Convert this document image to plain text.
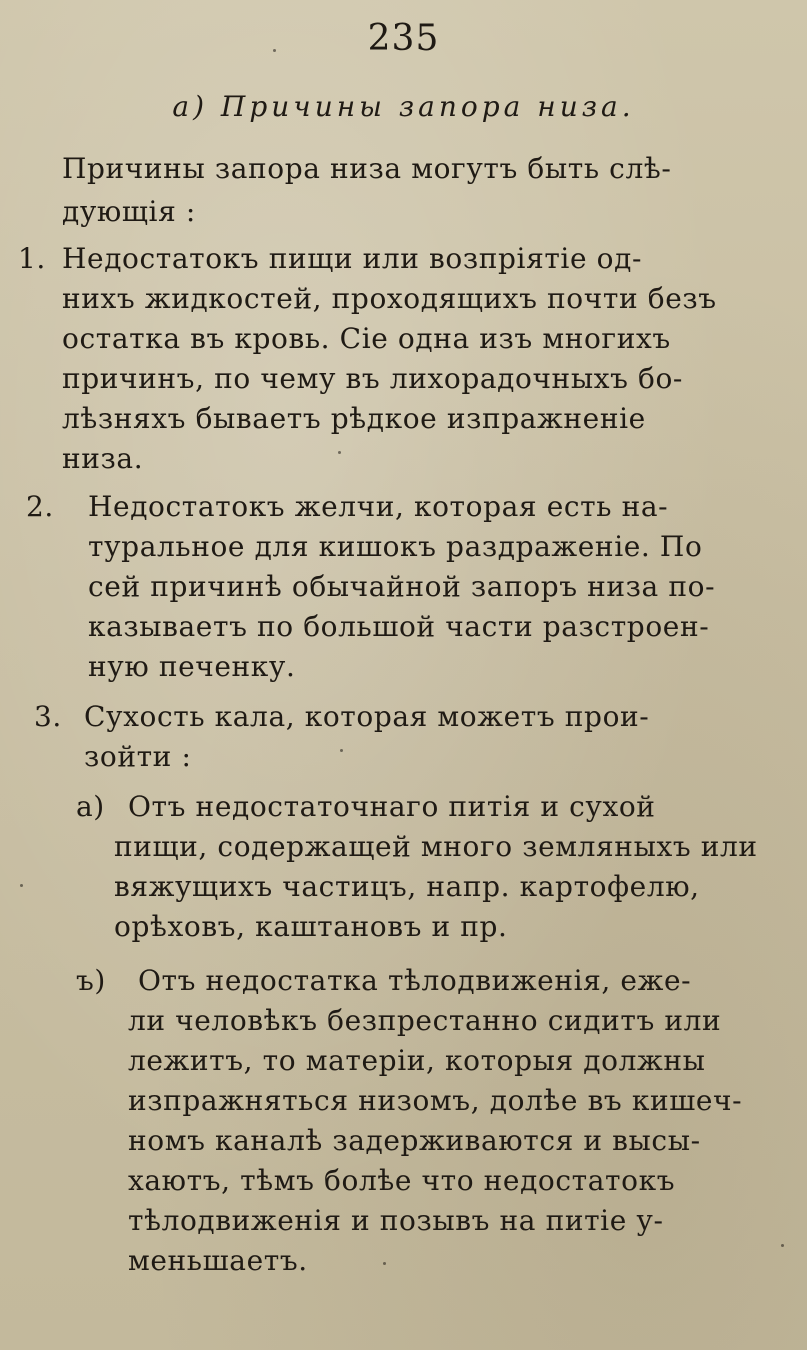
235
а) Причины запора низа.
Причины запора низа могутъ быть слѣ-
дующія :
1. Недостатокъ пищи или возпріятіе од-
нихъ жидкостей, проходящихъ почти безъ
остатка въ кровь. Сіе одна изъ многихъ
причинъ, по чему въ лихорадочныхъ бо-
лѣзняхъ бываетъ рѣдкое изпражненіе
низа.
2. Недостатокъ желчи, которая есть на-
туральное для кишокъ раздраженіе. По
сей причинѣ обычайной запоръ низа по-
казываетъ по большой части разстроен-
ную печенку.
3. Сухость кала, которая можетъ прои-
зойти :
а) Отъ недостаточнаго питія и сухой
пищи, содержащей много земляныхъ или
вяжущихъ частицъ, напр. картофелю,
орѣховъ, каштановъ и пр.
ъ) Отъ недостатка тѣлодвиженія, еже-
ли человѣкъ безпрестанно сидитъ или
лежитъ, то матеріи, которыя должны
изпражняться низомъ, долѣе въ кишеч-
номъ каналѣ задерживаются и высы-
хаютъ, тѣмъ болѣе что недостатокъ
тѣлодвиженія и позывъ на питіе у-
меньшаетъ.
